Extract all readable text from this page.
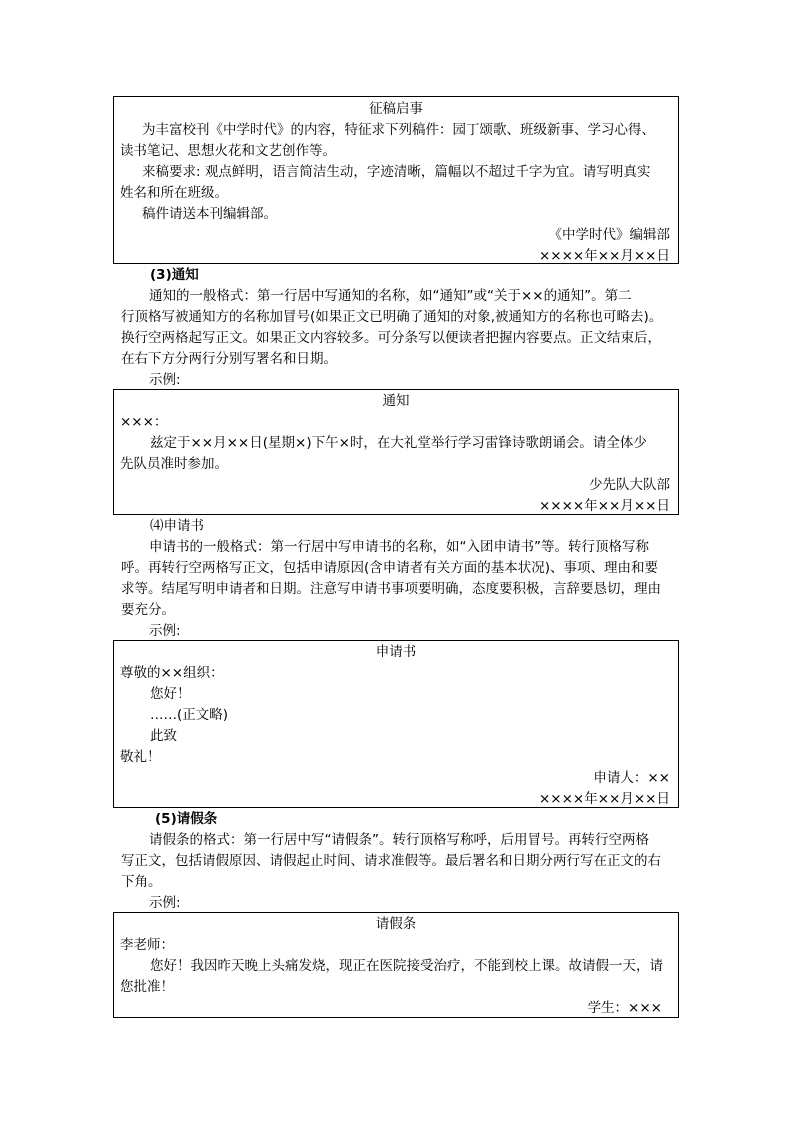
征稿启事
为丰富校刊《中学时代》的内容，特征求下列稿件：园丁颂歌、班级新事、学习心得、
读书笔记、思想火花和文艺创作等。
来稿要求: 观点鲜明，语言简洁生动，字迹清晰，篇幅以不超过千字为宜。请写明真实
姓名和所在班级。
稿件请送本刊编辑部。
《中学时代》编辑部
××××年××月××日
(3)通知
通知的一般格式：第一行居中写通知的名称，如“通知”或“关于××的通知”。第二
行顶格写被通知方的名称加冒号(如果正文已明确了通知的对象,被通知方的名称也可略去)。
换行空两格起写正文。如果正文内容较多。可分条写以便读者把握内容要点。正文结束后，
在右下方分两行分别写署名和日期。
示例:
通知
×××：
兹定于××月××日(星期×)下午×时，在大礼堂举行学习雷锋诗歌朗诵会。请全体少
先队员准时参加。
少先队大队部
××××年××月××日
⑷申请书
申请书的一般格式：第一行居中写申请书的名称，如“入团申请书”等。转行顶格写称
呼。再转行空两格写正文，包括申请原因(含申请者有关方面的基本状况)、事项、理由和要
求等。结尾写明申请者和日期。注意写申请书事项要明确，态度要积极，言辞要恳切，理由
要充分。
示例:
申请书
尊敬的××组织：
您好！
……(正文略)
此致
敬礼！
申请人：××
××××年××月××日
(5)请假条
请假条的格式：第一行居中写“请假条”。转行顶格写称呼，后用冒号。再转行空两格
写正文，包括请假原因、请假起止时间、请求准假等。最后署名和日期分两行写在正文的右
下角。
示例:
请假条
李老师：
您好！我因昨天晚上头痛发烧，现正在医院接受治疗，不能到校上课。故请假一天，请
您批准！
学生：×××
